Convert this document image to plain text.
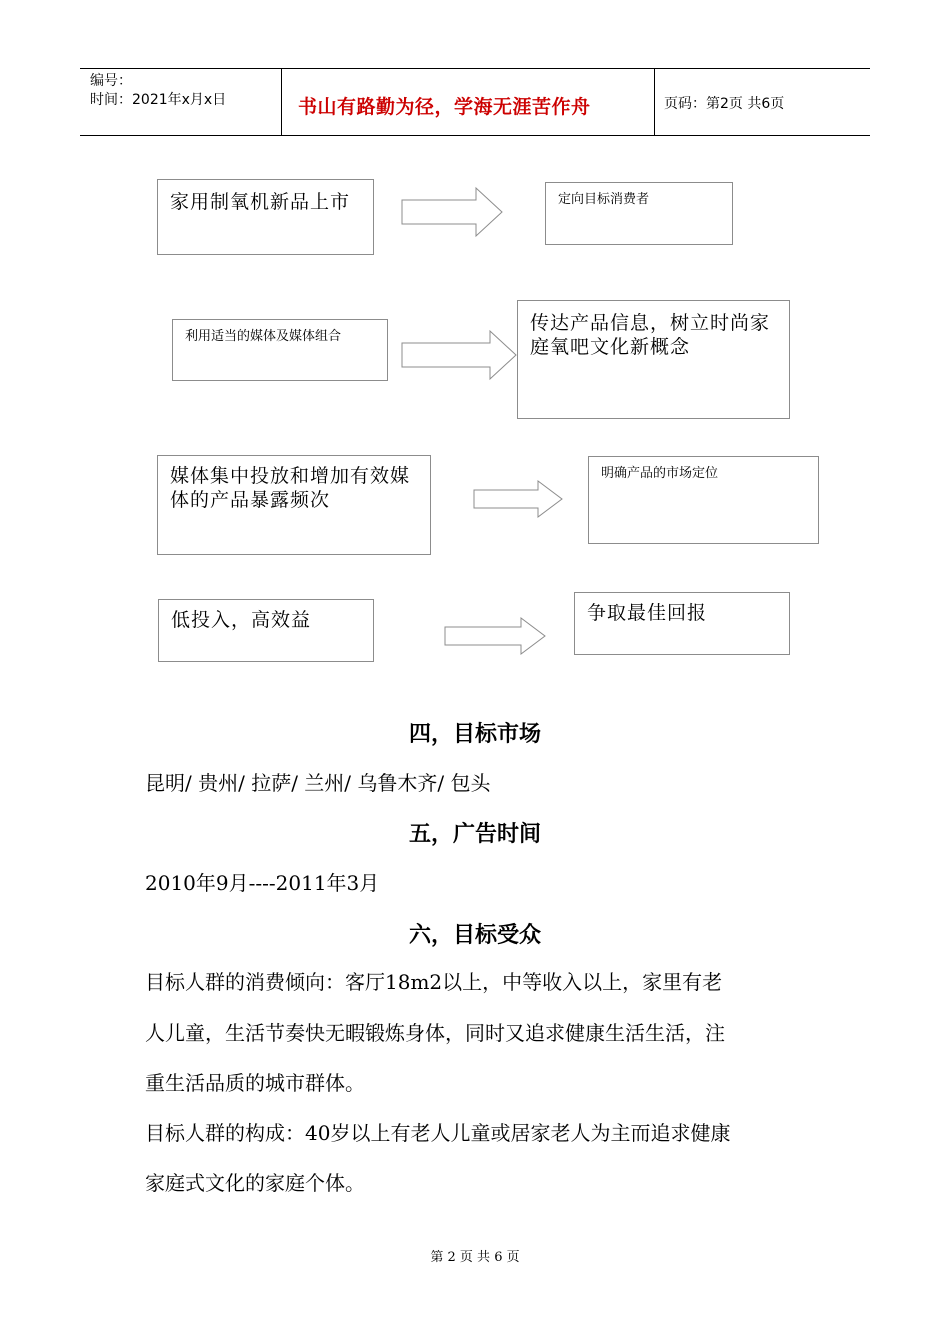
编号：
时间：2021年x月x日	书山有路勤为径，学海无涯苦作舟	页码：第2页 共6页
家用制氧机新品上市	定向目标消费者
利用适当的媒体及媒体组合
传达产品信息，树立时尚家庭氧吧文化新概念
媒体集中投放和增加有效媒体的产品暴露频次
明确产品的市场定位
低投入，高效益	争取最佳回报
四，目标市场
昆明/ 贵州/ 拉萨/ 兰州/ 乌鲁木齐/ 包头
五，广告时间
2010年9月----2011年3月
六，目标受众
目标人群的消费倾向：客厅18m2以上，中等收入以上，家里有老
人儿童，生活节奏快无暇锻炼身体，同时又追求健康生活生活，注
重生活品质的城市群体。
目标人群的构成：40岁以上有老人儿童或居家老人为主而追求健康
家庭式文化的家庭个体。
第 2 页 共 6 页
